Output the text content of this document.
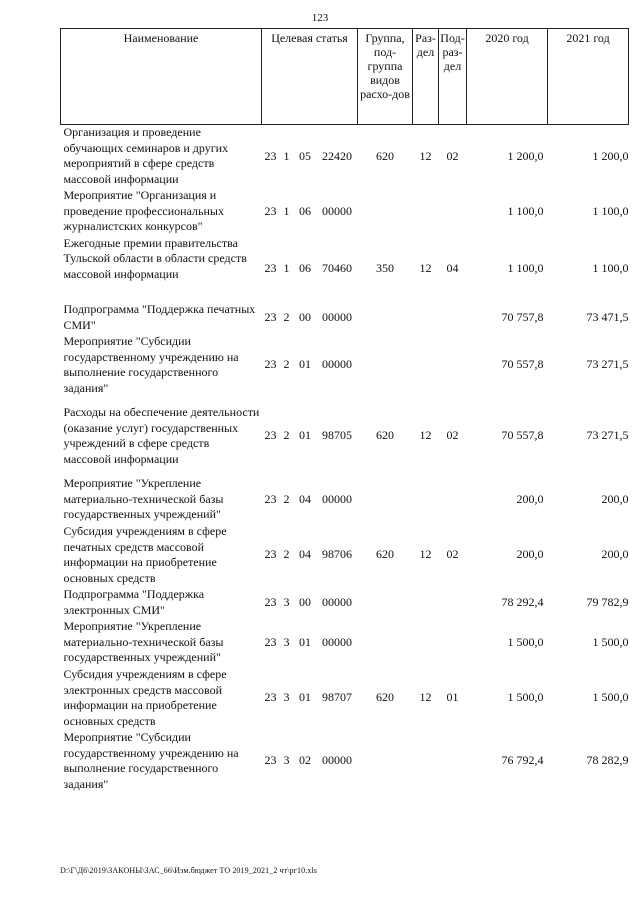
123
Наименование	Целевая статья				Группа, под-группа видов расхо-дов	Раз-дел	Под-раз-дел	2020 год	2021 год
Организация и проведение обучающих семинаров и других мероприятий в сфере средств массовой информации	23	1	05	22420	620	12	02	1 200,0	1 200,0
Мероприятие "Организация и проведение профессиональных журналистских конкурсов"	23	1	06	00000				1 100,0	1 100,0
Ежегодные премии правительства Тульской области в области средств массовой информации	23	1	06	70460	350	12	04	1 100,0	1 100,0
Подпрограмма "Поддержка печатных СМИ"	23	2	00	00000				70 757,8	73 471,5
Мероприятие "Субсидии государственному учреждению на выполнение государственного задания"	23	2	01	00000				70 557,8	73 271,5
Расходы на обеспечение деятельности (оказание услуг) государственных учреждений в сфере средств массовой информации	23	2	01	98705	620	12	02	70 557,8	73 271,5
Мероприятие "Укрепление материально-технической базы государственных учреждений"	23	2	04	00000				200,0	200,0
Субсидия учреждениям в сфере печатных средств массовой информации на приобретение основных средств	23	2	04	98706	620	12	02	200,0	200,0
Подпрограмма "Поддержка электронных СМИ"	23	3	00	00000				78 292,4	79 782,9
Мероприятие "Укрепление материально-технической базы государственных учреждений"	23	3	01	00000				1 500,0	1 500,0
Субсидия учреждениям в сфере электронных средств массовой информации на приобретение основных средств	23	3	01	98707	620	12	01	1 500,0	1 500,0
Мероприятие "Субсидии государственному учреждению на выполнение государственного задания"	23	3	02	00000				76 792,4	78 282,9
D:\Г\Д6\2019\ЗАКОНЫ\ЗАС_66\Изм.бюджет ТО 2019_2021_2 чт\рг10.xls
